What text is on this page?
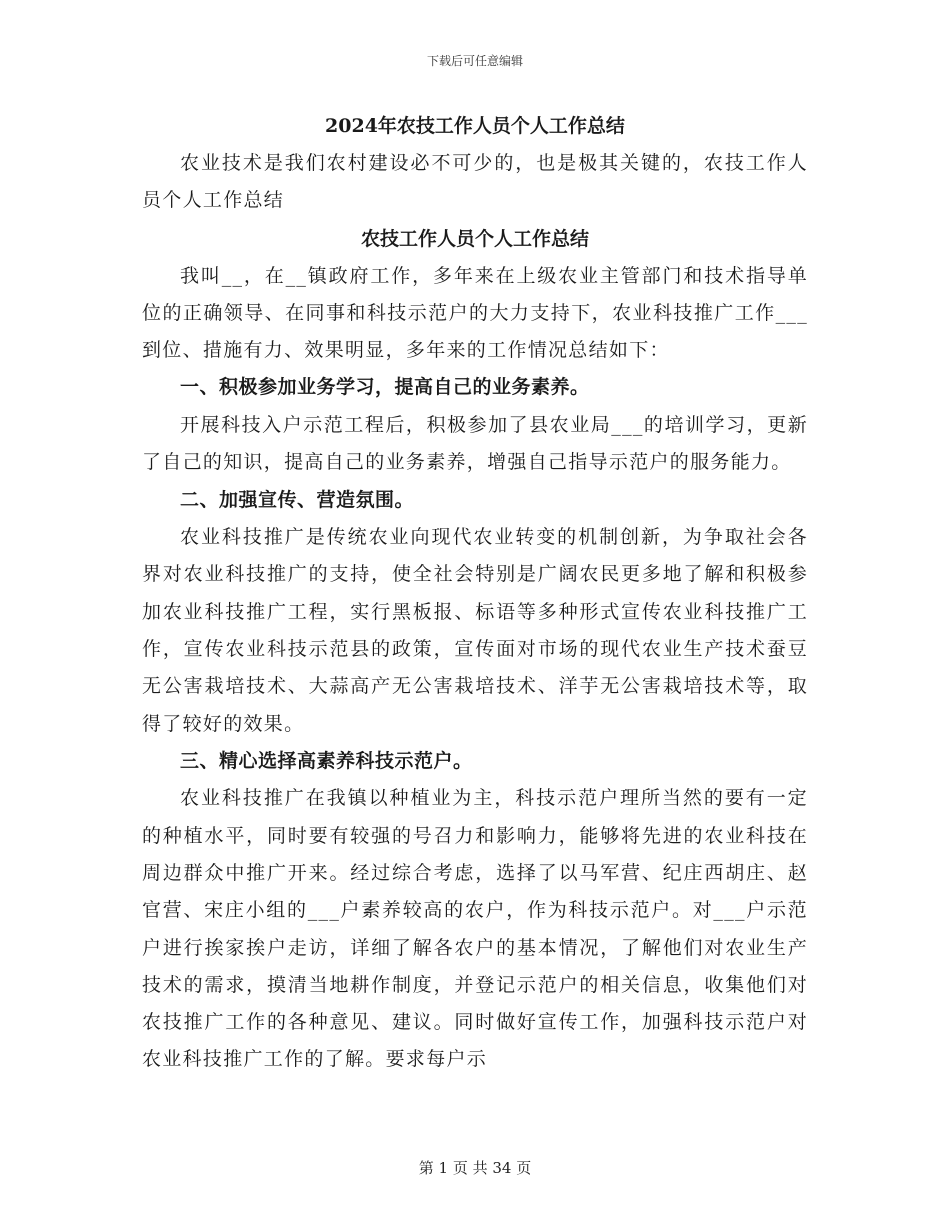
下载后可任意编辑

2024年农技工作人员个人工作总结

农业技术是我们农村建设必不可少的，也是极其关键的，农技工作人员个人工作总结

农技工作人员个人工作总结

我叫__，在__镇政府工作，多年来在上级农业主管部门和技术指导单位的正确领导、在同事和科技示范户的大力支持下，农业科技推广工作___到位、措施有力、效果明显，多年来的工作情况总结如下：

一、积极参加业务学习，提高自己的业务素养。

开展科技入户示范工程后，积极参加了县农业局___的培训学习，更新了自己的知识，提高自己的业务素养，增强自己指导示范户的服务能力。

二、加强宣传、营造氛围。

农业科技推广是传统农业向现代农业转变的机制创新，为争取社会各界对农业科技推广的支持，使全社会特别是广阔农民更多地了解和积极参加农业科技推广工程，实行黑板报、标语等多种形式宣传农业科技推广工作，宣传农业科技示范县的政策，宣传面对市场的现代农业生产技术蚕豆无公害栽培技术、大蒜高产无公害栽培技术、洋芋无公害栽培技术等，取得了较好的效果。

三、精心选择高素养科技示范户。

农业科技推广在我镇以种植业为主，科技示范户理所当然的要有一定的种植水平，同时要有较强的号召力和影响力，能够将先进的农业科技在周边群众中推广开来。经过综合考虑，选择了以马军营、纪庄西胡庄、赵官营、宋庄小组的___户素养较高的农户，作为科技示范户。对___户示范户进行挨家挨户走访，详细了解各农户的基本情况，了解他们对农业生产技术的需求，摸清当地耕作制度，并登记示范户的相关信息，收集他们对农技推广工作的各种意见、建议。同时做好宣传工作，加强科技示范户对农业科技推广工作的了解。要求每户示

第 1 页 共 34 页
